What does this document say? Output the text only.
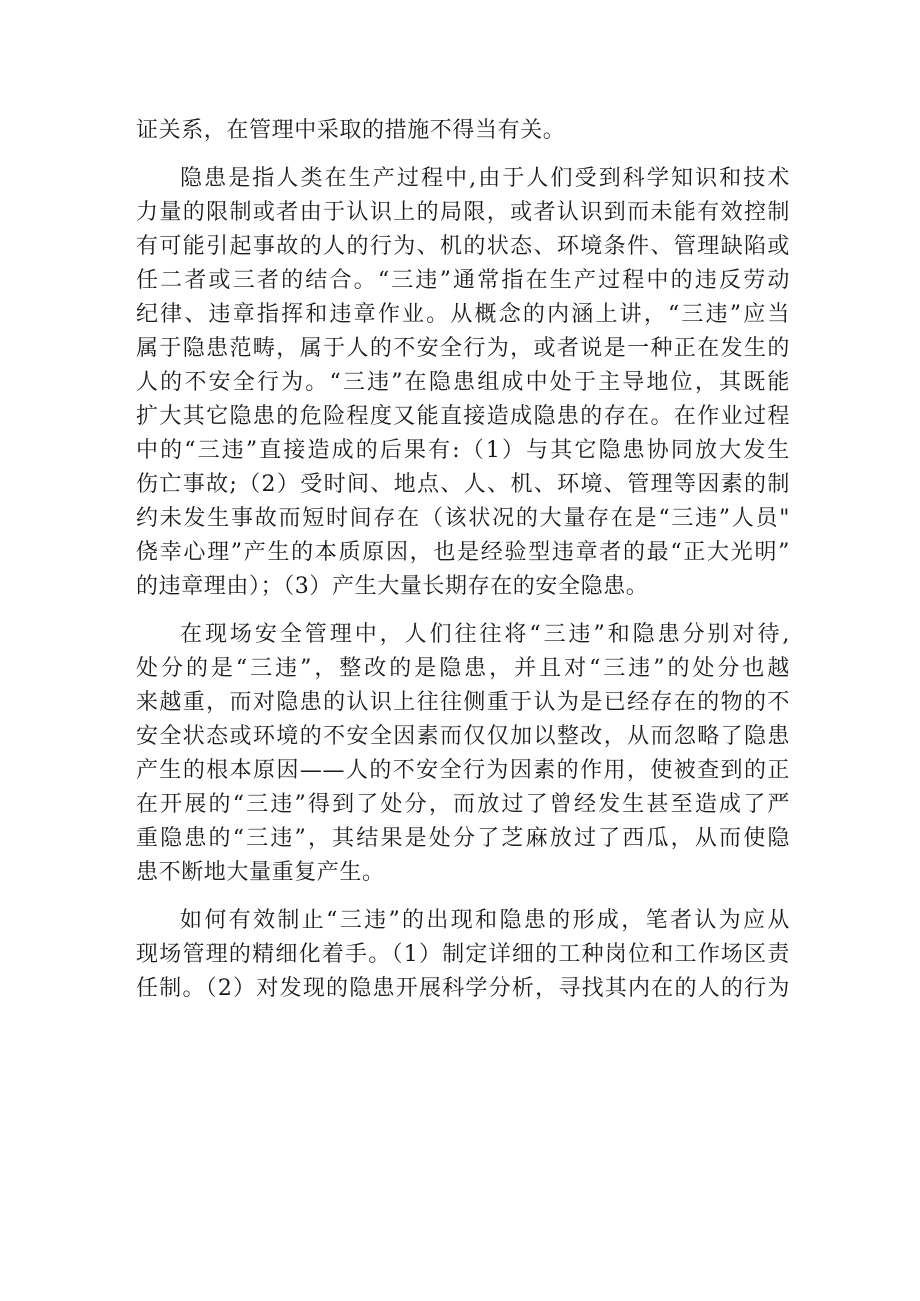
证关系，在管理中采取的措施不得当有关。
隐患是指人类在生产过程中,由于人们受到科学知识和技术
力量的限制或者由于认识上的局限，或者认识到而未能有效控制
有可能引起事故的人的行为、机的状态、环境条件、管理缺陷或
任二者或三者的结合。“三违”通常指在生产过程中的违反劳动
纪律、违章指挥和违章作业。从概念的内涵上讲，“三违”应当
属于隐患范畴，属于人的不安全行为，或者说是一种正在发生的
人的不安全行为。“三违”在隐患组成中处于主导地位，其既能
扩大其它隐患的危险程度又能直接造成隐患的存在。在作业过程
中的“三违”直接造成的后果有:（1）与其它隐患协同放大发生
伤亡事故;（2）受时间、地点、人、机、环境、管理等因素的制
约未发生事故而短时间存在（该状况的大量存在是“三违”人员"
侥幸心理”产生的本质原因，也是经验型违章者的最“正大光明”
的违章理由）；（3）产生大量长期存在的安全隐患。
在现场安全管理中，人们往往将“三违”和隐患分别对待,
处分的是“三违”，整改的是隐患，并且对“三违”的处分也越
来越重，而对隐患的认识上往往侧重于认为是已经存在的物的不
安全状态或环境的不安全因素而仅仅加以整改，从而忽略了隐患
产生的根本原因——人的不安全行为因素的作用，使被查到的正
在开展的“三违”得到了处分，而放过了曾经发生甚至造成了严
重隐患的“三违”，其结果是处分了芝麻放过了西瓜，从而使隐
患不断地大量重复产生。
如何有效制止“三违”的出现和隐患的形成，笔者认为应从
现场管理的精细化着手。（1）制定详细的工种岗位和工作场区责
任制。（2）对发现的隐患开展科学分析，寻找其内在的人的行为
